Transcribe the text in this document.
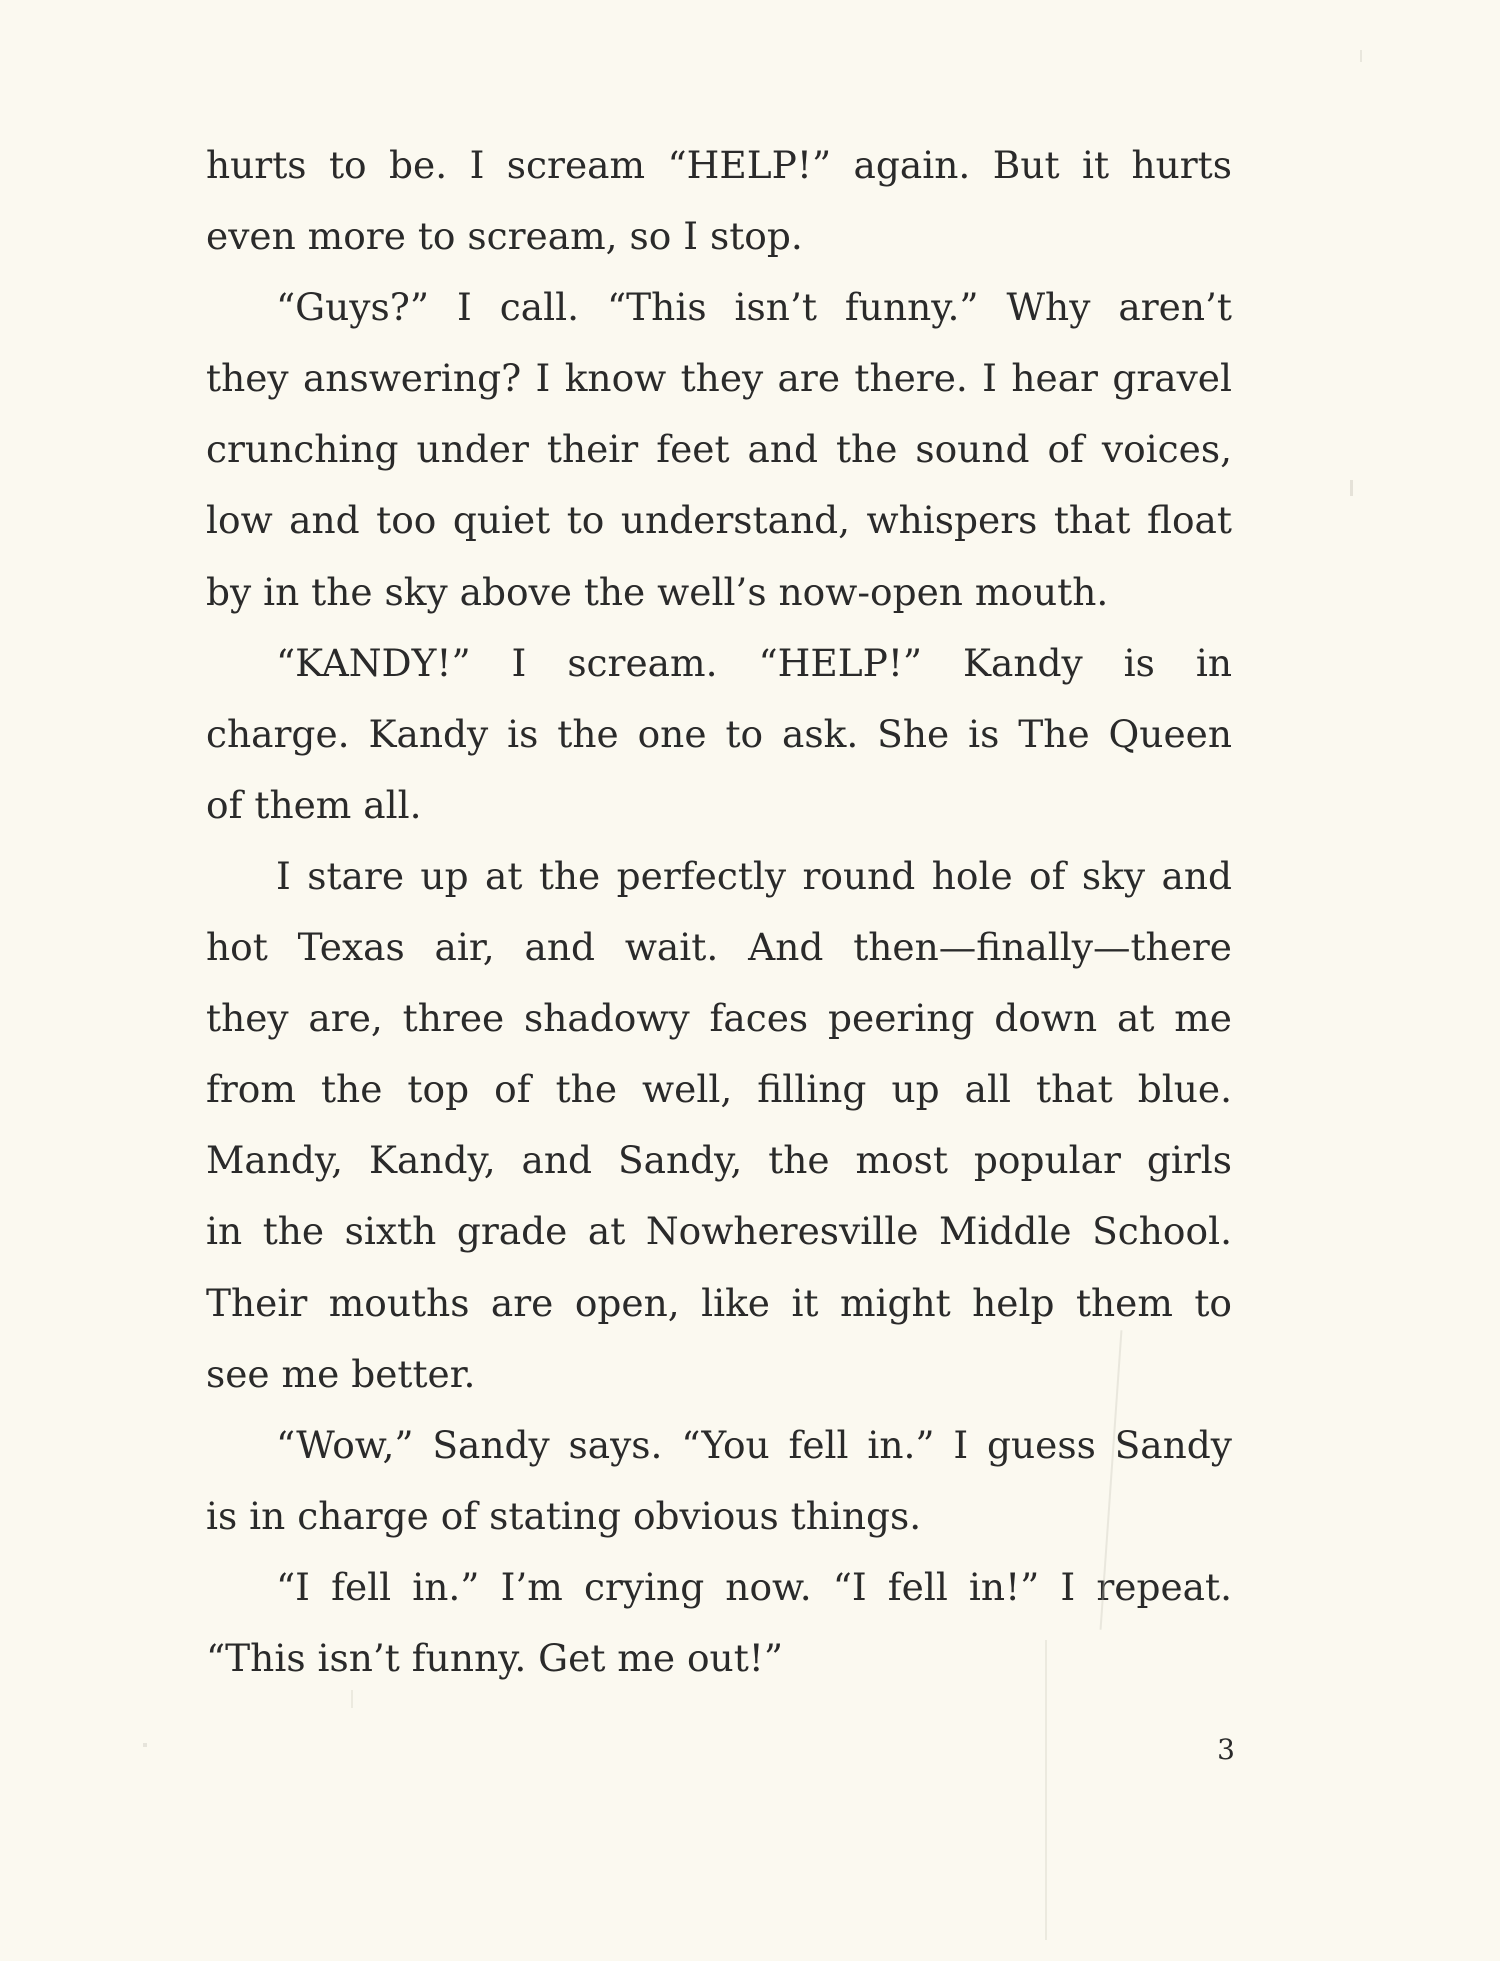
hurts to be. I scream “HELP!” again. But it hurts
even more to scream, so I stop.
“Guys?” I call. “This isn’t funny.” Why aren’t
they answering? I know they are there. I hear gravel
crunching under their feet and the sound of voices,
low and too quiet to understand, whispers that float
by in the sky above the well’s now-open mouth.
“KANDY!” I scream. “HELP!” Kandy is in
charge. Kandy is the one to ask. She is The Queen
of them all.
I stare up at the perfectly round hole of sky and
hot Texas air, and wait. And then—finally—there
they are, three shadowy faces peering down at me
from the top of the well, filling up all that blue.
Mandy, Kandy, and Sandy, the most popular girls
in the sixth grade at Nowheresville Middle School.
Their mouths are open, like it might help them to
see me better.
“Wow,” Sandy says. “You fell in.” I guess Sandy
is in charge of stating obvious things.
“I fell in.” I’m crying now. “I fell in!” I repeat.
“This isn’t funny. Get me out!”
3
